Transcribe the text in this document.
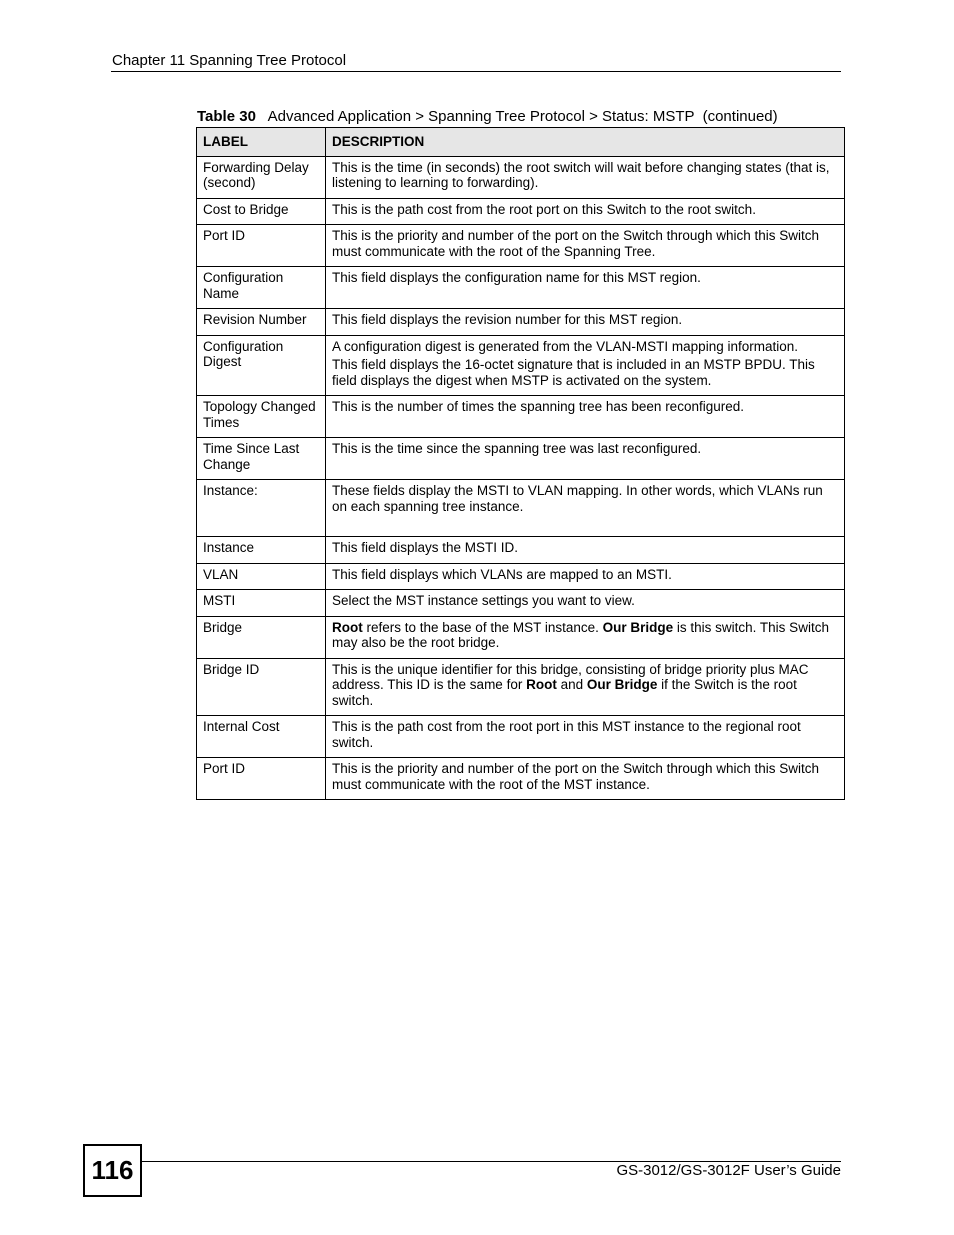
Chapter 11 Spanning Tree Protocol
Table 30 Advanced Application > Spanning Tree Protocol > Status: MSTP  (continued)
LABEL	DESCRIPTION
Forwarding Delay (second)	This is the time (in seconds) the root switch will wait before changing states (that is, listening to learning to forwarding).

Cost to Bridge	This is the path cost from the root port on this Switch to the root switch.

Port ID	This is the priority and number of the port on the Switch through which this Switch must communicate with the root of the Spanning Tree.

Configuration Name	This field displays the configuration name for this MST region.

Revision Number	This field displays the revision number for this MST region.

Configuration Digest	A configuration digest is generated from the VLAN-MSTI mapping information.

This field displays the 16-octet signature that is included in an MSTP BPDU. This field displays the digest when MSTP is activated on the system.

Topology Changed Times	This is the number of times the spanning tree has been reconfigured.

Time Since Last Change	This is the time since the spanning tree was last reconfigured.

Instance:	These fields display the MSTI to VLAN mapping. In other words, which VLANs run on each spanning tree instance.

Instance	This field displays the MSTI ID.

VLAN	This field displays which VLANs are mapped to an MSTI.

MSTI	Select the MST instance settings you want to view.

Bridge	Root refers to the base of the MST instance. Our Bridge is this switch. This Switch may also be the root bridge.

Bridge ID	This is the unique identifier for this bridge, consisting of bridge priority plus MAC address. This ID is the same for Root and Our Bridge if the Switch is the root switch.

Internal Cost	This is the path cost from the root port in this MST instance to the regional root switch.

Port ID	This is the priority and number of the port on the Switch through which this Switch must communicate with the root of the MST instance.

116	GS-3012/GS-3012F User’s Guide
